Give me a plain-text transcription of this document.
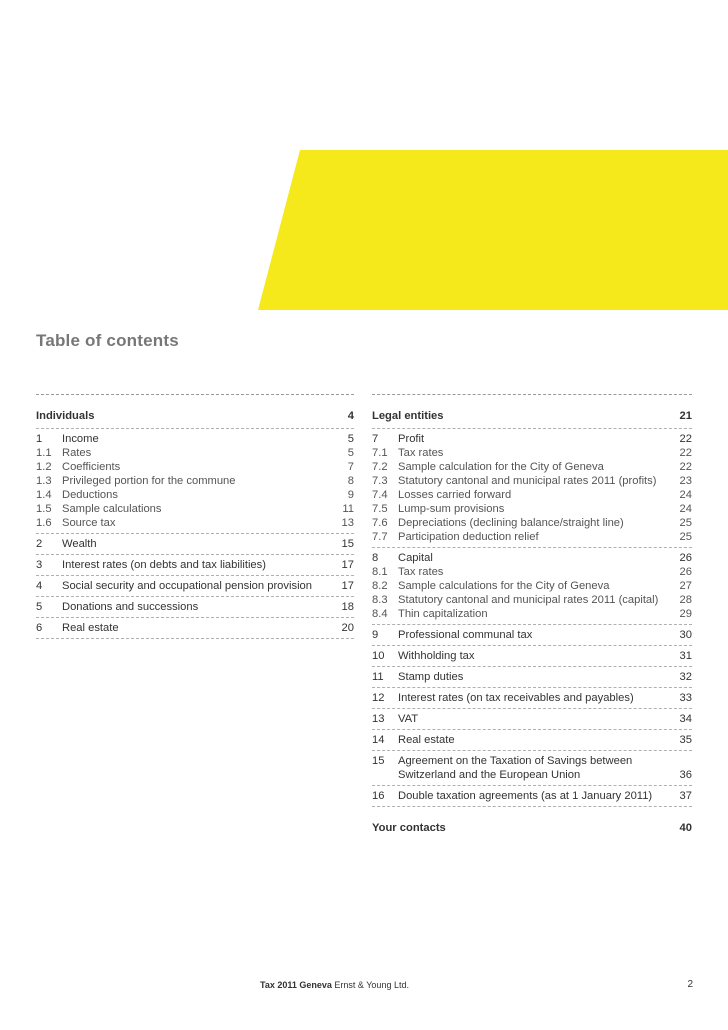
Table of contents
Individuals	4
1	Income	5
1.1 Rates	5
1.2 Coefficients	7
1.3 Privileged portion for the commune	8
1.4 Deductions	9
1.5 Sample calculations	11
1.6 Source tax	13
2	Wealth	15
3	Interest rates (on debts and tax liabilities)	17
4	Social security and occupational pension provision	17
5	Donations and successions	18
6	Real estate	20
Legal entities	21
7	Profit	22
7.1 Tax rates	22
7.2 Sample calculation for the City of Geneva	22
7.3 Statutory cantonal and municipal rates 2011 (profits)	23
7.4 Losses carried forward	24
7.5 Lump-sum provisions	24
7.6 Depreciations (declining balance/straight line)	25
7.7 Participation deduction relief	25
8	Capital	26
8.1 Tax rates	26
8.2 Sample calculations for the City of Geneva	27
8.3 Statutory cantonal and municipal rates 2011 (capital)	28
8.4 Thin capitalization	29
9	Professional communal tax	30
10	Withholding tax	31
11	Stamp duties	32
12	Interest rates (on tax receivables and payables)	33
13	VAT	34
14	Real estate	35
15	Agreement on the Taxation of Savings between
Switzerland and the European Union	36
16	Double taxation agreements (as at 1 January 2011)	37
Your contacts	40
Tax 2011 Geneva Ernst & Young Ltd.	2
